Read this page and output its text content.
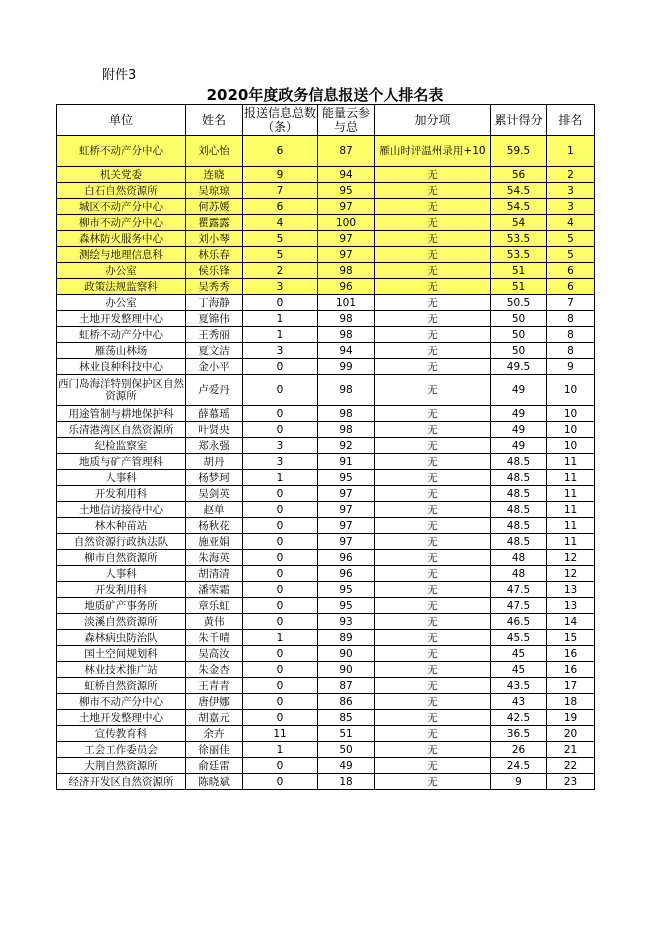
附件3
2020年度政务信息报送个人排名表
单位	姓名	报送信息总数（条）	能量云参与总	加分项	累计得分	排名
虹桥不动产分中心	刘心怡	6	87	雁山时评温州录用+10	59.5	1
机关党委	连晓	9	94	无	56	2
白石自然资源所	吴琼琼	7	95	无	54.5	3
城区不动产分中心	何苏媛	6	97	无	54.5	3
柳市不动产分中心	瞿露露	4	100	无	54	4
森林防火服务中心	刘小琴	5	97	无	53.5	5
测绘与地理信息科	林乐春	5	97	无	53.5	5
办公室	侯乐锋	2	98	无	51	6
政策法规监察科	吴秀秀	3	96	无	51	6
办公室	丁海静	0	101	无	50.5	7
土地开发整理中心	夏锦伟	1	98	无	50	8
虹桥不动产分中心	王秀丽	1	98	无	50	8
雁荡山林场	夏文洁	3	94	无	50	8
林业良种科技中心	金小平	0	99	无	49.5	9
西门岛海洋特别保护区自然资源所	卢爱丹	0	98	无	49	10
用途管制与耕地保护科	薛慕瑶	0	98	无	49	10
乐清港湾区自然资源所	叶贤央	0	98	无	49	10
纪检监察室	郑永强	3	92	无	49	10
地质与矿产管理科	胡丹	3	91	无	48.5	11
人事科	杨梦珂	1	95	无	48.5	11
开发利用科	吴剑英	0	97	无	48.5	11
土地信访接待中心	赵单	0	97	无	48.5	11
林木种苗站	杨秋花	0	97	无	48.5	11
自然资源行政执法队	施亚娟	0	97	无	48.5	11
柳市自然资源所	朱海英	0	96	无	48	12
人事科	胡清清	0	96	无	48	12
开发利用科	潘荣霜	0	95	无	47.5	13
地质矿产事务所	章乐虹	0	95	无	47.5	13
淡溪自然资源所	黄伟	0	93	无	46.5	14
森林病虫防治队	朱千晴	1	89	无	45.5	15
国土空间规划科	吴高汝	0	90	无	45	16
林业技术推广站	朱金杏	0	90	无	45	16
虹桥自然资源所	王青青	0	87	无	43.5	17
柳市不动产分中心	唐伊娜	0	86	无	43	18
土地开发整理中心	胡嘉元	0	85	无	42.5	19
宣传教育科	余卉	11	51	无	36.5	20
工会工作委员会	徐丽佳	1	50	无	26	21
大荆自然资源所	俞廷雷	0	49	无	24.5	22
经济开发区自然资源所	陈晓斌	0	18	无	9	23
